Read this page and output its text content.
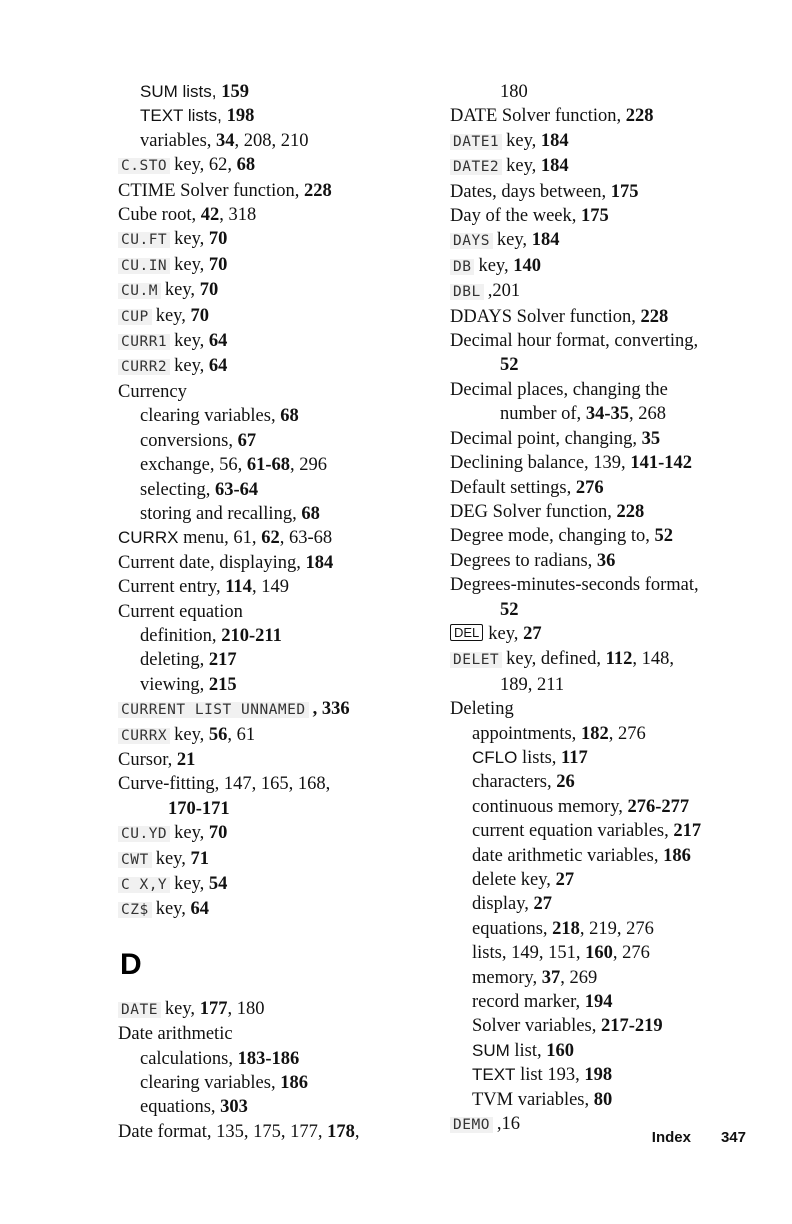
SUM lists, 159
TEXT lists, 198
variables, 34, 208, 210
C.STO key, 62, 68
CTIME Solver function, 228
Cube root, 42, 318
CU.FT key, 70
CU.IN key, 70
CU.M key, 70
CUP key, 70
CURR1 key, 64
CURR2 key, 64
Currency
clearing variables, 68
conversions, 67
exchange, 56, 61-68, 296
selecting, 63-64
storing and recalling, 68
CURRX menu, 61, 62, 63-68
Current date, displaying, 184
Current entry, 114, 149
Current equation
definition, 210-211
deleting, 217
viewing, 215
CURRENT LIST UNNAMED , 336
CURRX key, 56, 61
Cursor, 21
Curve-fitting, 147, 165, 168,
170-171
CU.YD key, 70
CWT key, 71
C X,Y key, 54
CZ$ key, 64
D
DATE key, 177, 180
Date arithmetic
calculations, 183-186
clearing variables, 186
equations, 303
Date format, 135, 175, 177, 178,
180
DATE Solver function, 228
DATE1 key, 184
DATE2 key, 184
Dates, days between, 175
Day of the week, 175
DAYS key, 184
DB key, 140
DBL ,201
DDAYS Solver function, 228
Decimal hour format, converting,
52
Decimal places, changing the
number of, 34-35, 268
Decimal point, changing, 35
Declining balance, 139, 141-142
Default settings, 276
DEG Solver function, 228
Degree mode, changing to, 52
Degrees to radians, 36
Degrees-minutes-seconds format,
52
DEL key, 27
DELET key, defined, 112, 148,
189, 211
Deleting
appointments, 182, 276
CFLO lists, 117
characters, 26
continuous memory, 276-277
current equation variables, 217
date arithmetic variables, 186
delete key, 27
display, 27
equations, 218, 219, 276
lists, 149, 151, 160, 276
memory, 37, 269
record marker, 194
Solver variables, 217-219
SUM list, 160
TEXT list 193, 198
TVM variables, 80
DEMO ,16
Index 347
